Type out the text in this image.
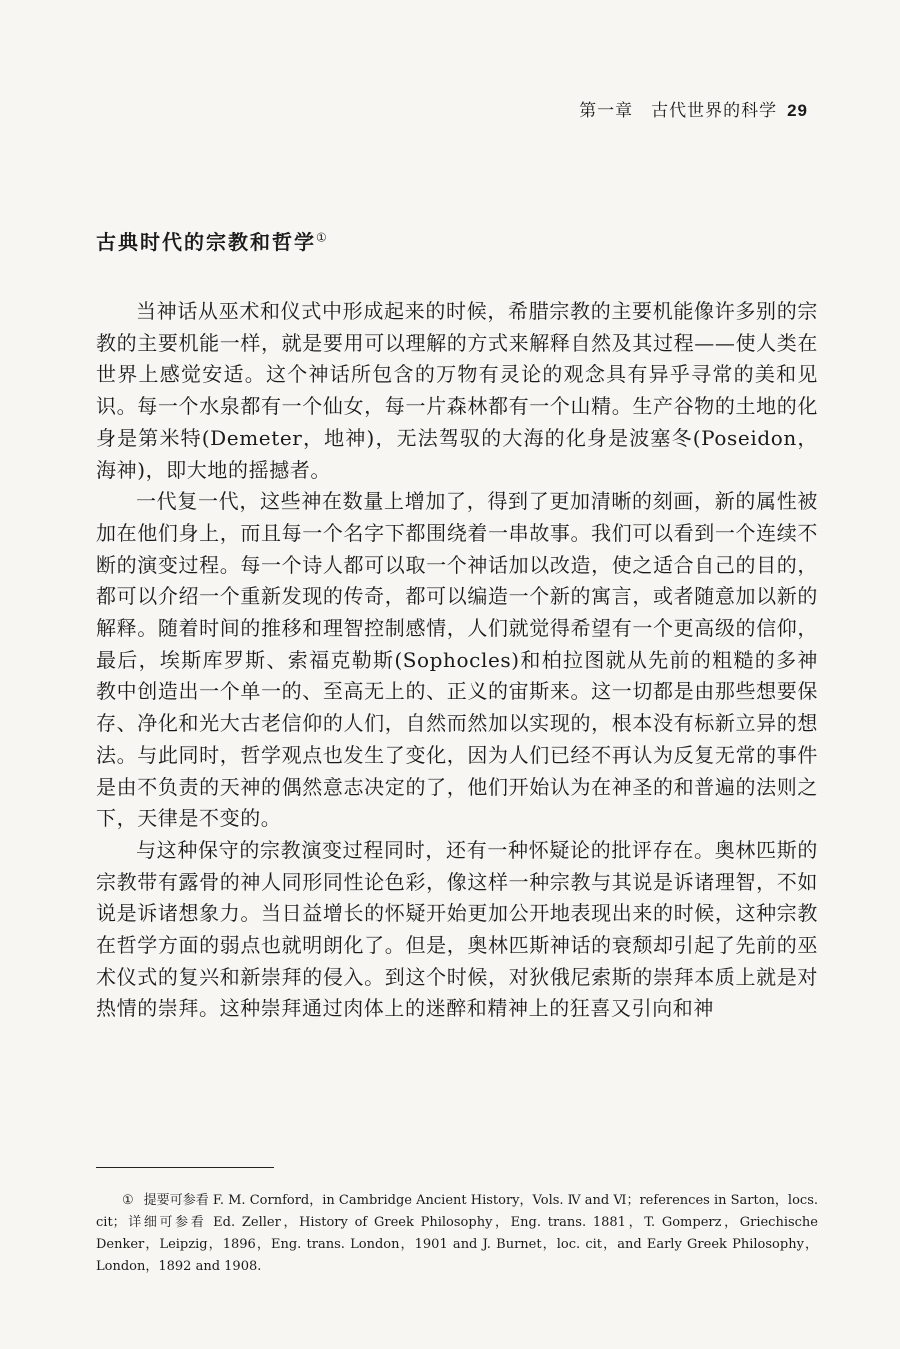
第一章　古代世界的科学 29
古典时代的宗教和哲学①

当神话从巫术和仪式中形成起来的时候，希腊宗教的主要机能像许多别的宗教的主要机能一样，就是要用可以理解的方式来解释自然及其过程——使人类在世界上感觉安适。这个神话所包含的万物有灵论的观念具有异乎寻常的美和见识。每一个水泉都有一个仙女，每一片森林都有一个山精。生产谷物的土地的化身是第米特(Demeter，地神)，无法驾驭的大海的化身是波塞冬(Poseidon，海神)，即大地的摇撼者。

一代复一代，这些神在数量上增加了，得到了更加清晰的刻画，新的属性被加在他们身上，而且每一个名字下都围绕着一串故事。我们可以看到一个连续不断的演变过程。每一个诗人都可以取一个神话加以改造，使之适合自己的目的，都可以介绍一个重新发现的传奇，都可以编造一个新的寓言，或者随意加以新的解释。随着时间的推移和理智控制感情，人们就觉得希望有一个更高级的信仰，最后，埃斯库罗斯、索福克勒斯(Sophocles)和柏拉图就从先前的粗糙的多神教中创造出一个单一的、至高无上的、正义的宙斯来。这一切都是由那些想要保存、净化和光大古老信仰的人们，自然而然加以实现的，根本没有标新立异的想法。与此同时，哲学观点也发生了变化，因为人们已经不再认为反复无常的事件是由不负责的天神的偶然意志决定的了，他们开始认为在神圣的和普遍的法则之下，天律是不变的。

与这种保守的宗教演变过程同时，还有一种怀疑论的批评存在。奥林匹斯的宗教带有露骨的神人同形同性论色彩，像这样一种宗教与其说是诉诸理智，不如说是诉诸想象力。当日益增长的怀疑开始更加公开地表现出来的时候，这种宗教在哲学方面的弱点也就明朗化了。但是，奥林匹斯神话的衰颓却引起了先前的巫术仪式的复兴和新崇拜的侵入。到这个时候，对狄俄尼索斯的崇拜本质上就是对热情的崇拜。这种崇拜通过肉体上的迷醉和精神上的狂喜又引向和神

① 提要可参看 F. M. Cornford，in Cambridge Ancient History，Vols. Ⅳ and Ⅵ；references in Sarton，locs. cit；详细可参看 Ed. Zeller，History of Greek Philosophy，Eng. trans. 1881，T. Gomperz，Griechische Denker，Leipzig，1896，Eng. trans. London，1901 and J. Burnet，loc. cit，and Early Greek Philosophy，London，1892 and 1908.
